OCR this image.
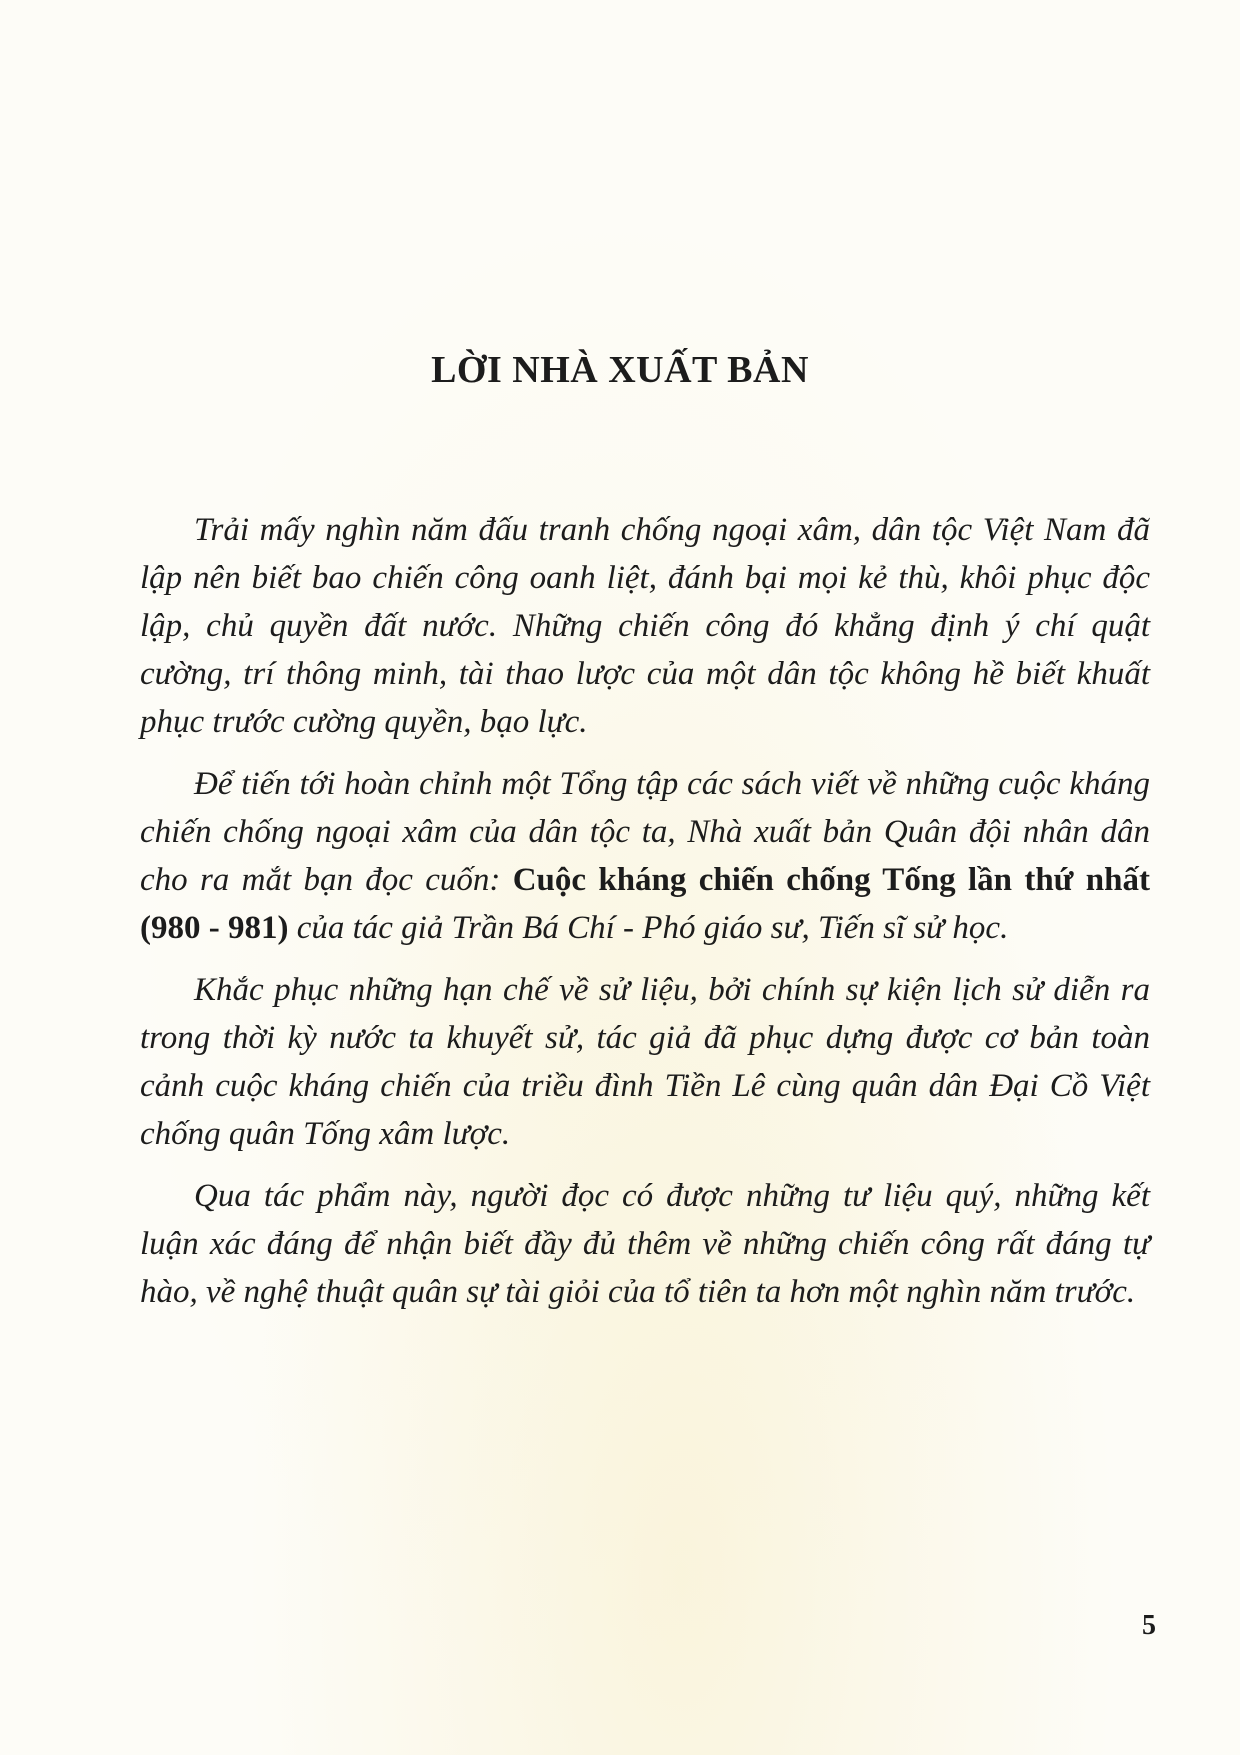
LỜI NHÀ XUẤT BẢN

Trải mấy nghìn năm đấu tranh chống ngoại xâm, dân tộc Việt Nam đã lập nên biết bao chiến công oanh liệt, đánh bại mọi kẻ thù, khôi phục độc lập, chủ quyền đất nước. Những chiến công đó khẳng định ý chí quật cường, trí thông minh, tài thao lược của một dân tộc không hề biết khuất phục trước cường quyền, bạo lực.

Để tiến tới hoàn chỉnh một Tổng tập các sách viết về những cuộc kháng chiến chống ngoại xâm của dân tộc ta, Nhà xuất bản Quân đội nhân dân cho ra mắt bạn đọc cuốn: Cuộc kháng chiến chống Tống lần thứ nhất (980 - 981) của tác giả Trần Bá Chí - Phó giáo sư, Tiến sĩ sử học.

Khắc phục những hạn chế về sử liệu, bởi chính sự kiện lịch sử diễn ra trong thời kỳ nước ta khuyết sử, tác giả đã phục dựng được cơ bản toàn cảnh cuộc kháng chiến của triều đình Tiền Lê cùng quân dân Đại Cồ Việt chống quân Tống xâm lược.

Qua tác phẩm này, người đọc có được những tư liệu quý, những kết luận xác đáng để nhận biết đầy đủ thêm về những chiến công rất đáng tự hào, về nghệ thuật quân sự tài giỏi của tổ tiên ta hơn một nghìn năm trước.

5
